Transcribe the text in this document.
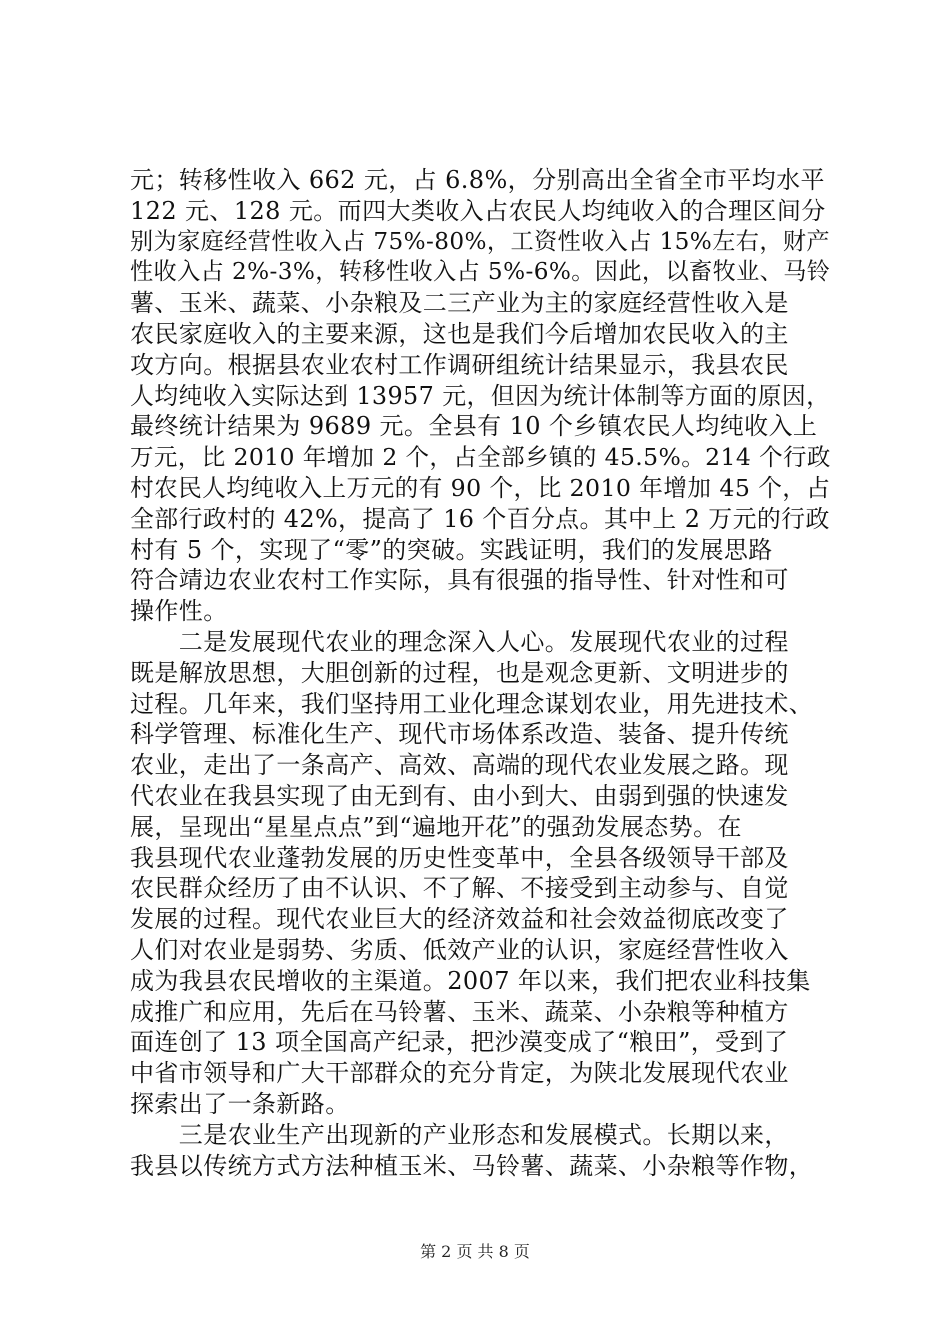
元；转移性收入 662 元，占 6.8%，分别高出全省全市平均水平
122 元、128 元。而四大类收入占农民人均纯收入的合理区间分
别为家庭经营性收入占 75%-80%，工资性收入占 15%左右，财产
性收入占 2%-3%，转移性收入占 5%-6%。因此，以畜牧业、马铃
薯、玉米、蔬菜、小杂粮及二三产业为主的家庭经营性收入是
农民家庭收入的主要来源，这也是我们今后增加农民收入的主
攻方向。根据县农业农村工作调研组统计结果显示，我县农民
人均纯收入实际达到 13957 元，但因为统计体制等方面的原因，
最终统计结果为 9689 元。全县有 10 个乡镇农民人均纯收入上
万元，比 2010 年增加 2 个，占全部乡镇的 45.5%。214 个行政
村农民人均纯收入上万元的有 90 个，比 2010 年增加 45 个，占
全部行政村的 42%，提高了 16 个百分点。其中上 2 万元的行政
村有 5 个，实现了“零”的突破。实践证明，我们的发展思路
符合靖边农业农村工作实际，具有很强的指导性、针对性和可
操作性。
　　二是发展现代农业的理念深入人心。发展现代农业的过程
既是解放思想，大胆创新的过程，也是观念更新、文明进步的
过程。几年来，我们坚持用工业化理念谋划农业，用先进技术、
科学管理、标准化生产、现代市场体系改造、装备、提升传统
农业，走出了一条高产、高效、高端的现代农业发展之路。现
代农业在我县实现了由无到有、由小到大、由弱到强的快速发
展，呈现出“星星点点”到“遍地开花”的强劲发展态势。在
我县现代农业蓬勃发展的历史性变革中，全县各级领导干部及
农民群众经历了由不认识、不了解、不接受到主动参与、自觉
发展的过程。现代农业巨大的经济效益和社会效益彻底改变了
人们对农业是弱势、劣质、低效产业的认识，家庭经营性收入
成为我县农民增收的主渠道。2007 年以来，我们把农业科技集
成推广和应用，先后在马铃薯、玉米、蔬菜、小杂粮等种植方
面连创了 13 项全国高产纪录，把沙漠变成了“粮田”，受到了
中省市领导和广大干部群众的充分肯定，为陕北发展现代农业
探索出了一条新路。
　　三是农业生产出现新的产业形态和发展模式。长期以来，
我县以传统方式方法种植玉米、马铃薯、蔬菜、小杂粮等作物，
第 2 页 共 8 页
